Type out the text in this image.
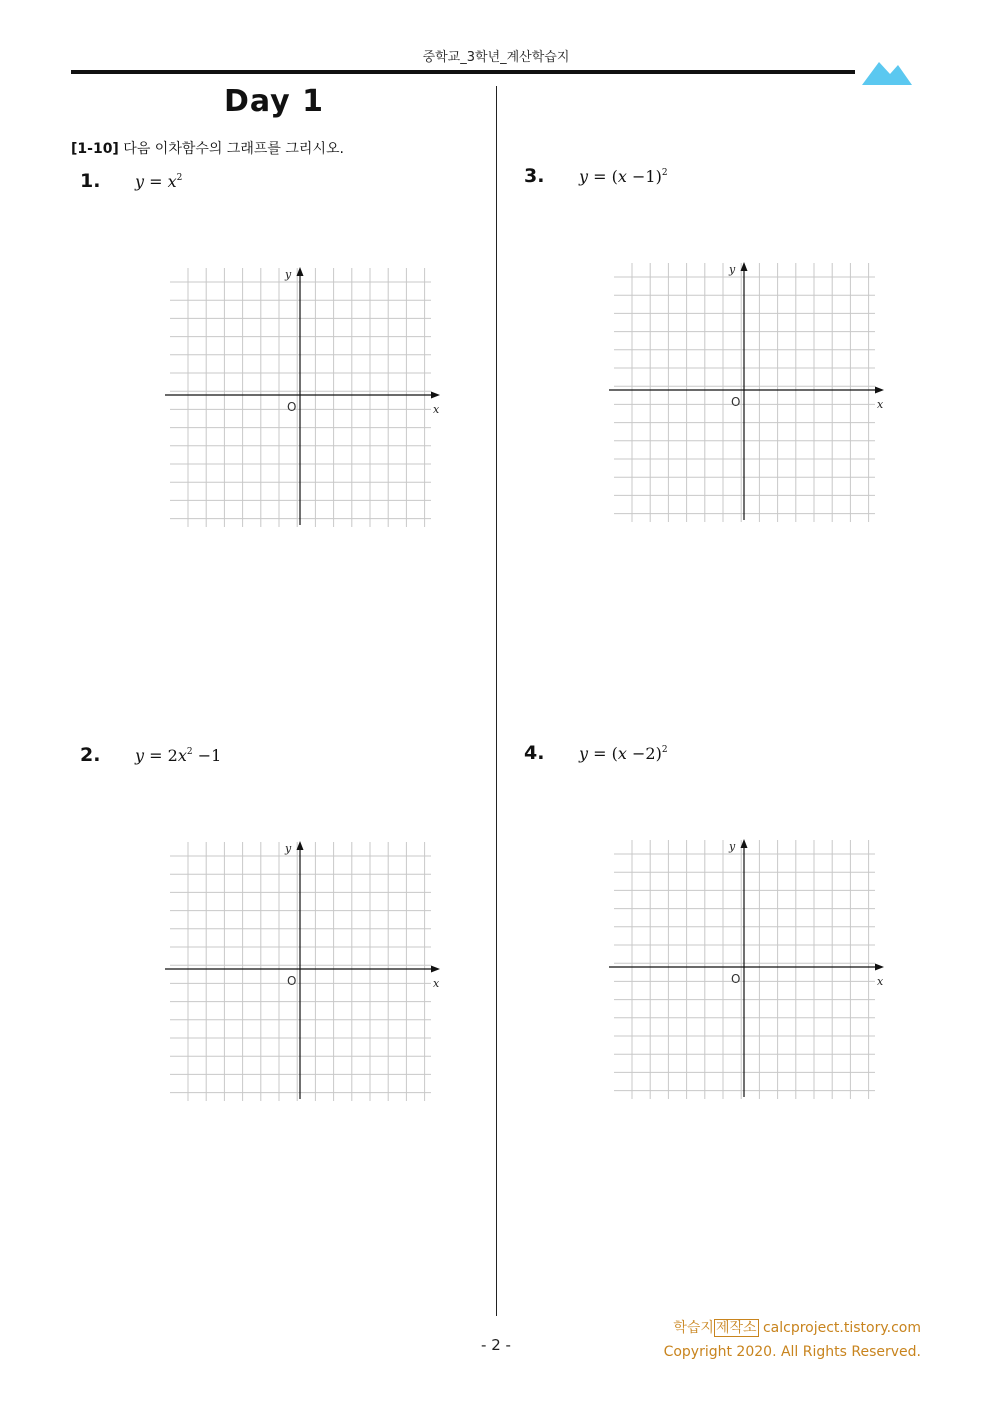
중학교_3학년_계산학습지
Day 1
[1-10] 다음 이차함수의 그래프를 그리시오.
1. $y = x^2$
2. $y = 2x^2 -1$
3. $y = (x -1)^2$
4. $y = (x -2)^2$
x
y
O
x
y
O
x
y
O
x
y
O
학습지 제작소 calcproject.tistory.com
Copyright 2020. All Rights Reserved.
- 2 -
